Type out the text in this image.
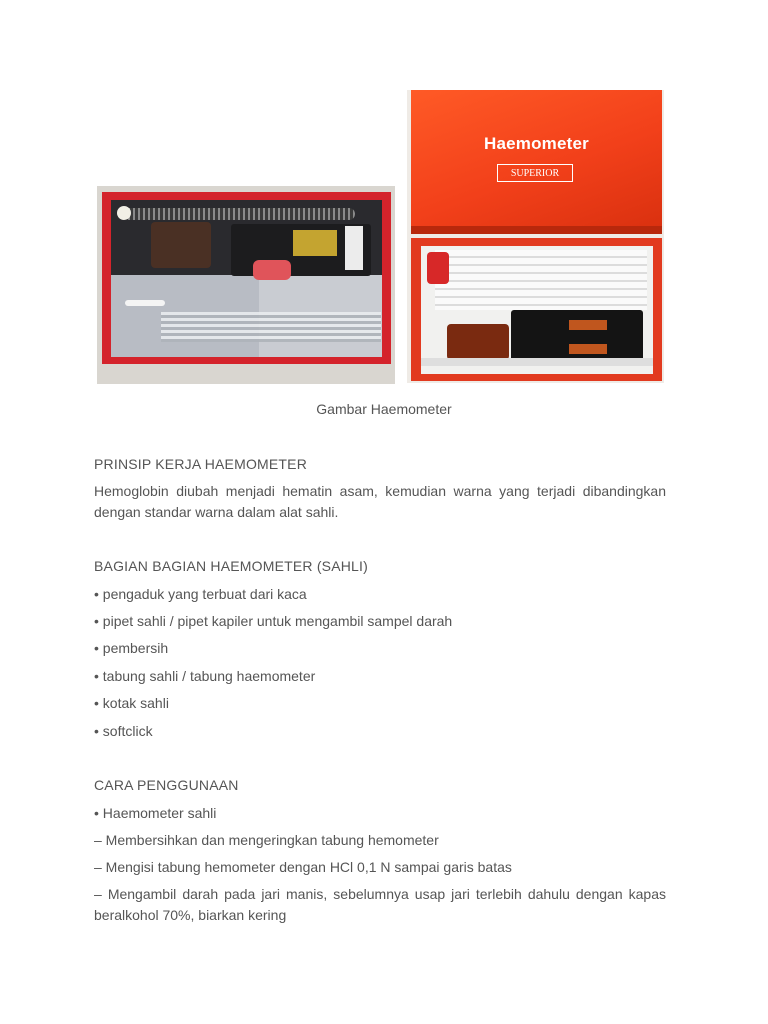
Haemometer
SUPERIOR
Gambar Haemometer
PRINSIP KERJA HAEMOMETER
Hemoglobin diubah menjadi hematin asam, kemudian warna yang terjadi dibandingkan dengan standar warna dalam alat sahli.
BAGIAN BAGIAN HAEMOMETER (SAHLI)
• pengaduk yang terbuat dari kaca
• pipet sahli / pipet kapiler untuk mengambil sampel darah
• pembersih
• tabung sahli / tabung haemometer
• kotak sahli
• softclick
CARA PENGGUNAAN
• Haemometer sahli
– Membersihkan dan mengeringkan tabung hemometer
– Mengisi tabung hemometer dengan HCl 0,1 N sampai garis batas
– Mengambil darah pada jari manis, sebelumnya usap jari terlebih dahulu dengan kapas beralkohol 70%, biarkan kering
